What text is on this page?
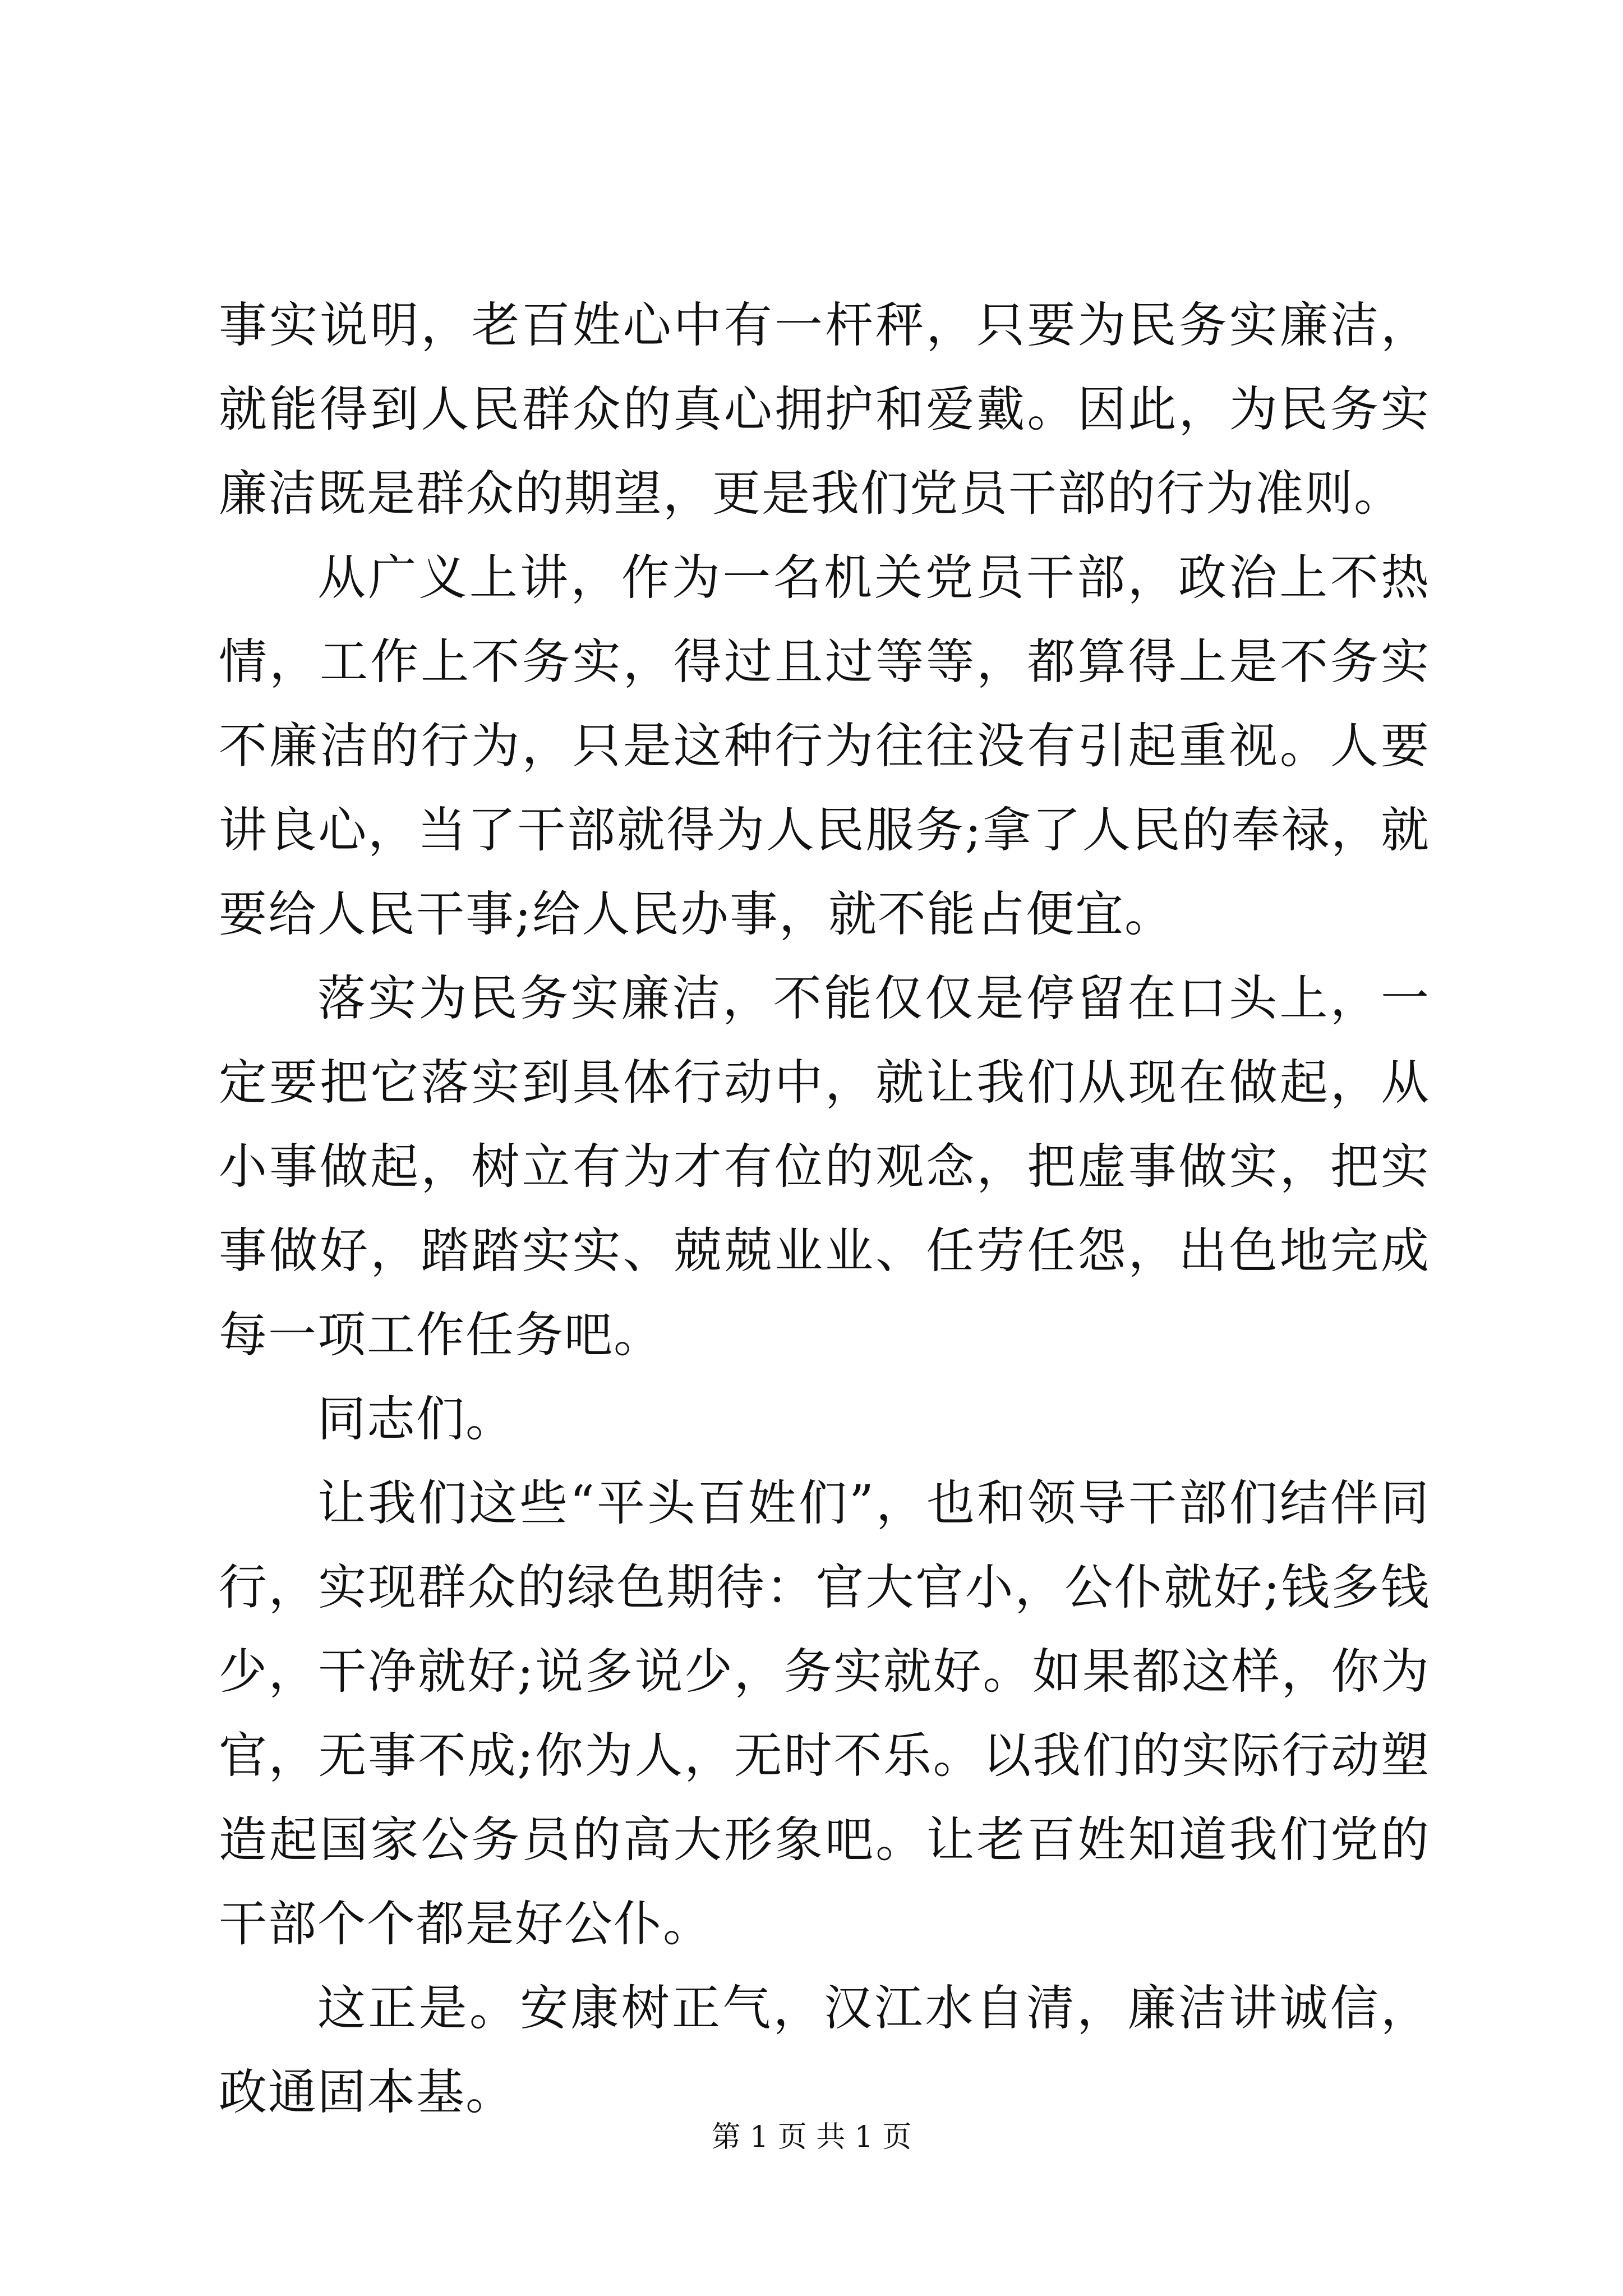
事实说明，老百姓心中有一杆秤，只要为民务实廉洁，就能得到人民群众的真心拥护和爱戴。因此，为民务实廉洁既是群众的期望，更是我们党员干部的行为准则。

从广义上讲，作为一名机关党员干部，政治上不热情，工作上不务实，得过且过等等，都算得上是不务实不廉洁的行为，只是这种行为往往没有引起重视。人要讲良心，当了干部就得为人民服务;拿了人民的奉禄，就要给人民干事;给人民办事，就不能占便宜。

落实为民务实廉洁，不能仅仅是停留在口头上，一定要把它落实到具体行动中，就让我们从现在做起，从小事做起，树立有为才有位的观念，把虚事做实，把实事做好，踏踏实实、兢兢业业、任劳任怨，出色地完成每一项工作任务吧。

同志们。

让我们这些“平头百姓们”，也和领导干部们结伴同行，实现群众的绿色期待：官大官小，公仆就好;钱多钱少，干净就好;说多说少，务实就好。如果都这样，你为官，无事不成;你为人，无时不乐。以我们的实际行动塑造起国家公务员的高大形象吧。让老百姓知道我们党的干部个个都是好公仆。

这正是。安康树正气，汉江水自清，廉洁讲诚信，政通固本基。

第 1 页 共 1 页
